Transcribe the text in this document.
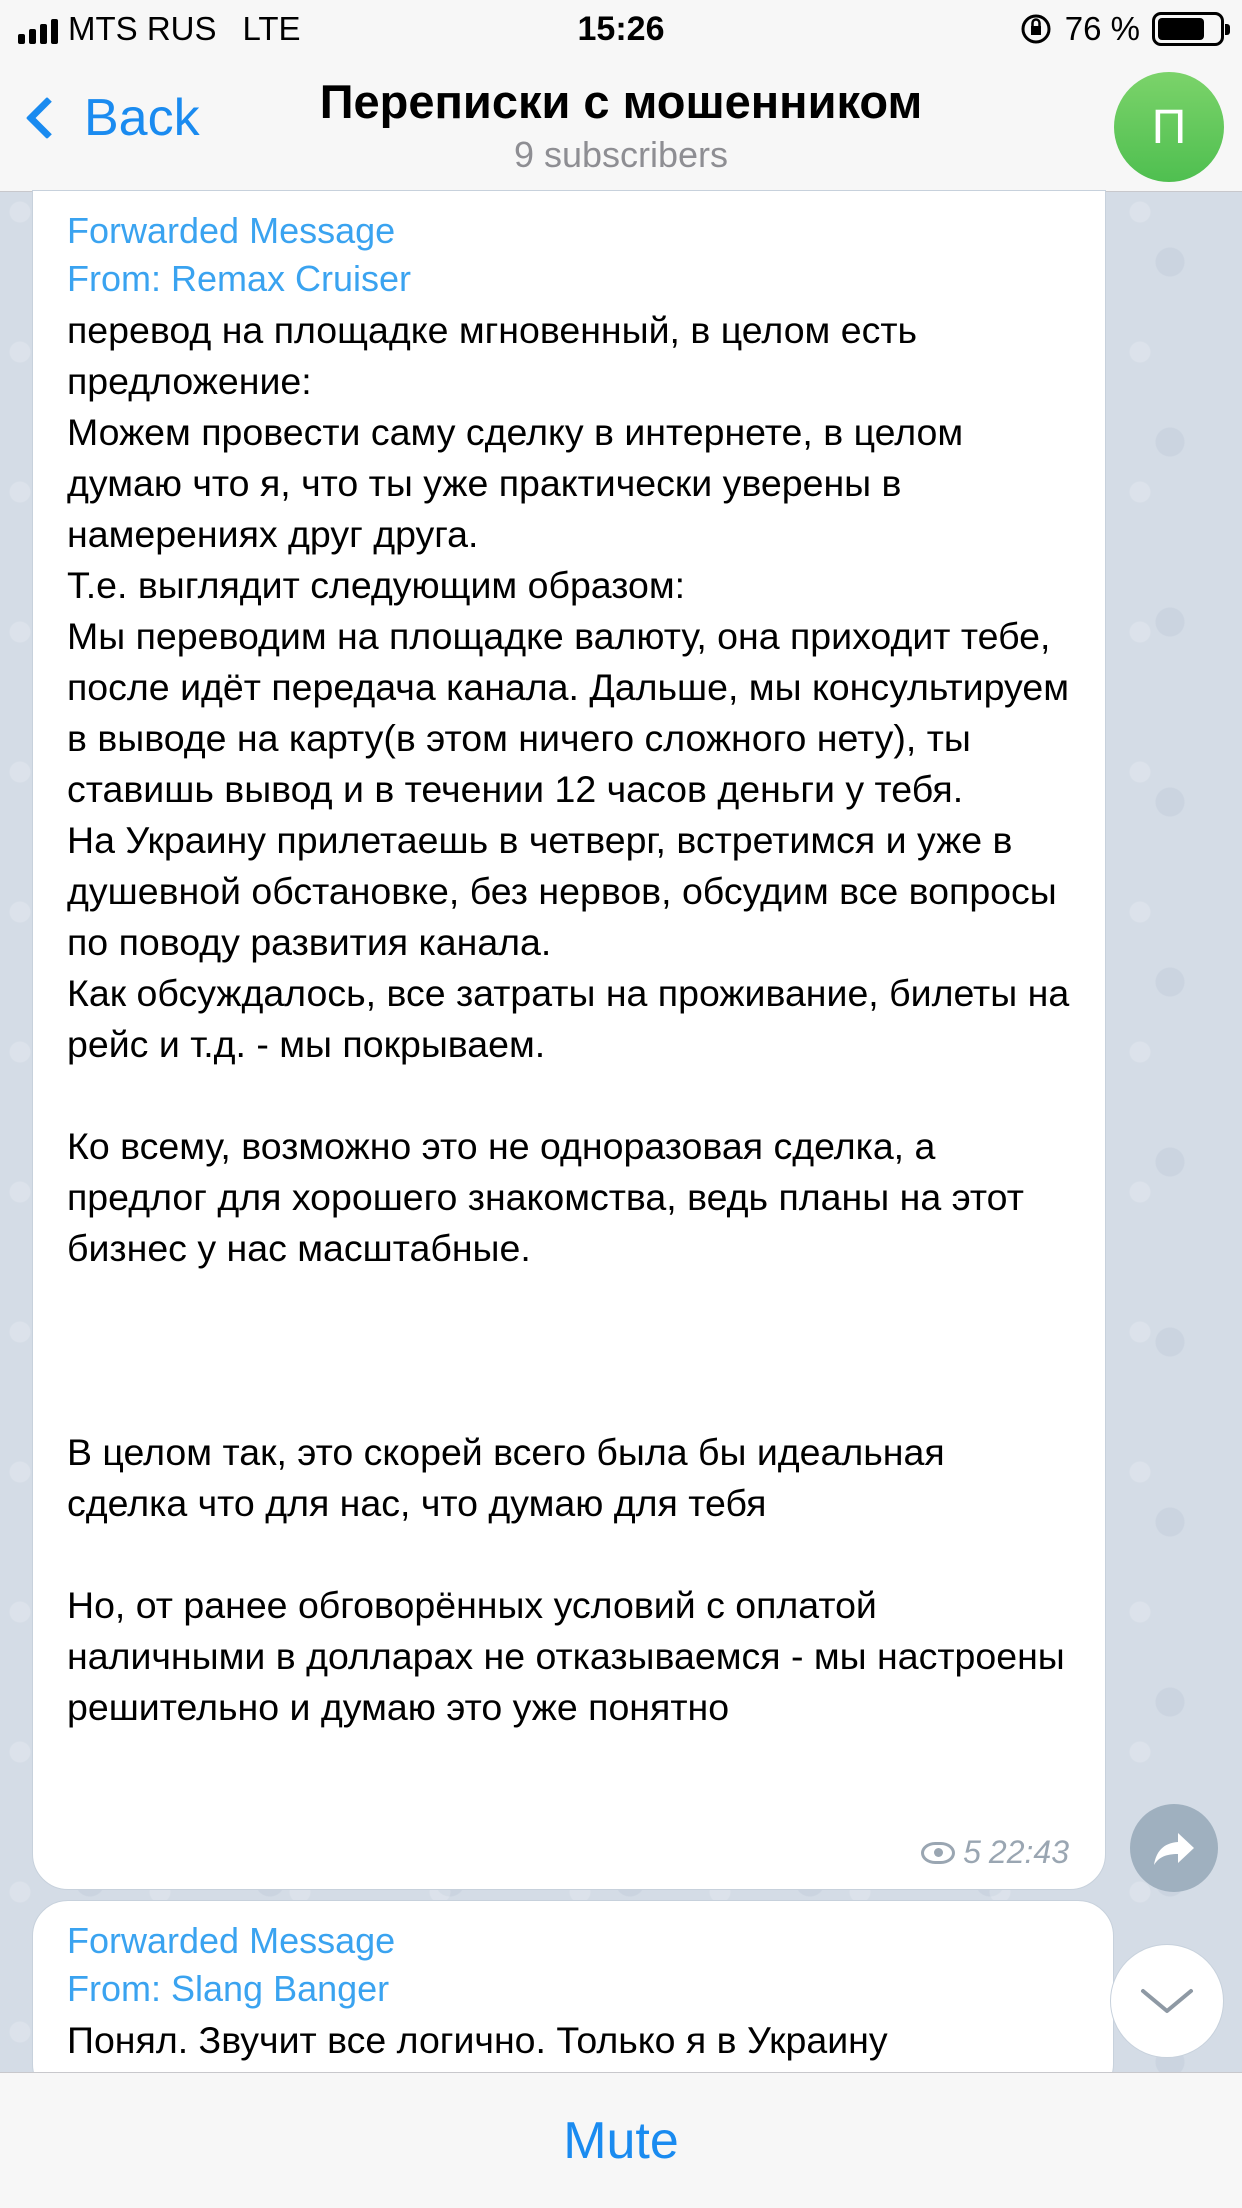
MTS RUS LTE	15:26	76 %
Back	Переписки с мошенником
9 subscribers
П
Forwarded Message
From: Remax Cruiser
перевод на площадке мгновенный, в целом есть предложение:
Можем провести саму сделку в интернете, в целом думаю что я, что ты уже практически уверены в намерениях друг друга.
Т.е. выглядит следующим образом:
Мы переводим на площадке валюту, она приходит тебе, после идёт передача канала. Дальше, мы консультируем в выводе на карту(в этом ничего сложного нету), ты ставишь вывод и в течении 12 часов деньги у тебя.
На Украину прилетаешь в четверг, встретимся и уже в душевной обстановке, без нервов, обсудим все вопросы по поводу развития канала.
Как обсуждалось, все затраты на проживание, билеты на рейс и т.д. - мы покрываем.

Ко всему, возможно это не одноразовая сделка, а предлог для хорошего знакомства, ведь планы на этот бизнес у нас масштабные.

В целом так, это скорей всего была бы идеальная сделка что для нас, что думаю для тебя

Но, от ранее обговорённых условий с оплатой наличными в долларах не отказываемся - мы настроены решительно и думаю это уже понятно
5 22:43
Forwarded Message
From: Slang Banger
Понял. Звучит все логично. Только я в Украину
Mute
